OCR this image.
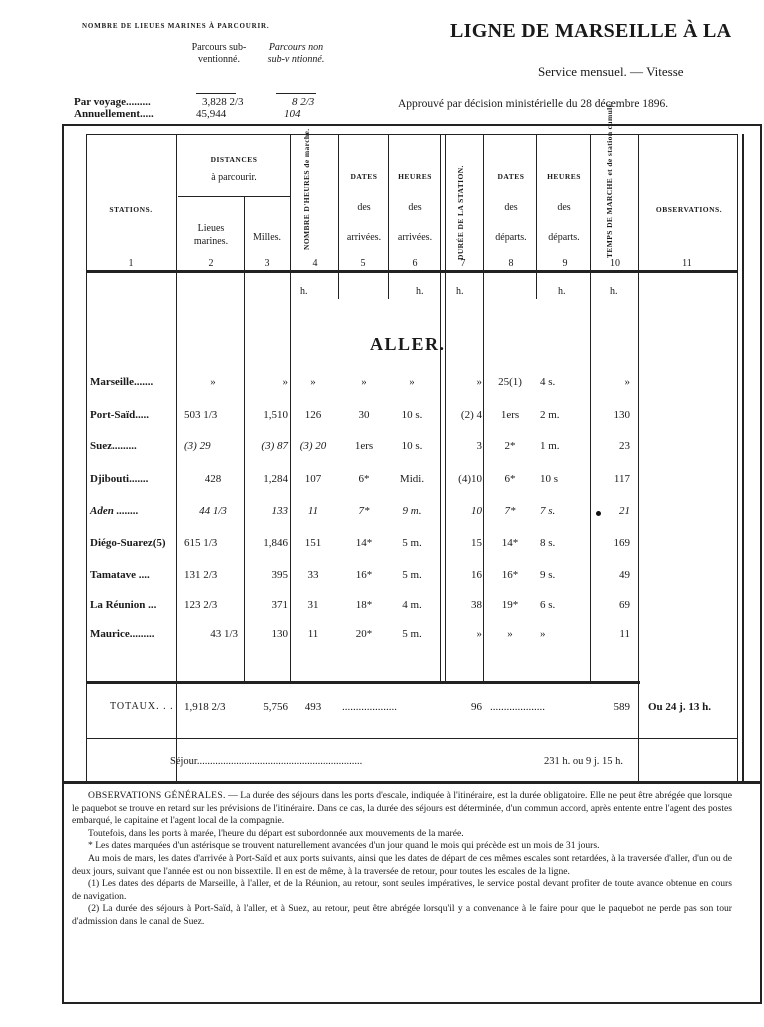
NOMBRE DE LIEUES MARINES À PARCOURIR.
Parcours sub-ventionné.
Parcours non sub-v ntionné.
Par voyage.........
Annuellement.....
3,828 2/3	8 2/3
45,944	104
LIGNE DE MARSEILLE À LA
Service mensuel. — Vitesse
Approuvé par décision ministérielle du 28 décembre 1896.
STATIONS.
DISTANCES
à parcourir.
Lieues marines.	Milles.	NOMBRE D'HEURES de marche.	DATES
des
arrivées.
HEURES
des
arrivées.	DURÉE DE LA STATION.	DATES
des
départs.
HEURES
des
départs.	TEMPS DE MARCHE et de station cumulé.	OBSERVATIONS.
1	2	3	4	5	6	7	8	9	10	11
h.	h.	h.	h.	h.
ALLER.
Marseille.......	»	»	»	»	»	»	25(1)	4 s.	»
Port-Saïd.....	503 1/3	1,510	126	30	10 s.	(2) 4	1ers	2 m.	130
Suez.........	(3) 29	(3) 87	(3) 20	1ers	10 s.	3	2*	1 m.	23
Djibouti.......	428	1,284	107	6*	Midi.	(4)10	6*	10 s	117
Aden ........	44 1/3	133	11	7*	9 m.	10	7*	7 s.	21
Diégo-Suarez(5) 615 1/3	1,846	151	14*	5 m.	15	14*	8 s.	169
Tamatave ....	131 2/3	395	33	16*	5 m.	16	16*	9 s.	49
La Réunion ...	123 2/3	371	31	18*	4 m.	38	19*	6 s.	69
Maurice.........	43 1/3	130	11	20*	5 m.	»	»	»	11
TOTAUX. . . 1,918 2/3	5,756	493	....................	96 ....................	589 Ou 24 j. 13 h.
Séjour...............................................................	231 h. ou 9 j. 15 h.

OBSERVATIONS GÉNÉRALES. — La durée des séjours dans les ports d'escale, indiquée à l'itinéraire, est la durée obligatoire. Elle ne peut être abrégée que lorsque le paquebot se trouve en retard sur les prévisions de l'itinéraire. Dans ce cas, la durée des séjours est déterminée, d'un commun accord, après entente entre l'agent des postes embarqué, le capitaine et l'agent local de la compagnie.

Toutefois, dans les ports à marée, l'heure du départ est subordonnée aux mouvements de la marée.

* Les dates marquées d'un astérisque se trouvent naturellement avancées d'un jour quand le mois qui précède est un mois de 31 jours.

Au mois de mars, les dates d'arrivée à Port-Saïd et aux ports suivants, ainsi que les dates de départ de ces mêmes escales sont retardées, à la traversée d'aller, d'un ou de deux jours, suivant que l'année est ou non bissextile. Il en est de même, à la traversée de retour, pour toutes les escales de la ligne.

(1) Les dates des départs de Marseille, à l'aller, et de la Réunion, au retour, sont seules impératives, le service postal devant profiter de toute avance obtenue en cours de navigation.

(2) La durée des séjours à Port-Saïd, à l'aller, et à Suez, au retour, peut être abrégée lorsqu'il y a convenance à le faire pour que le paquebot ne perde pas son tour d'admission dans le canal de Suez.
